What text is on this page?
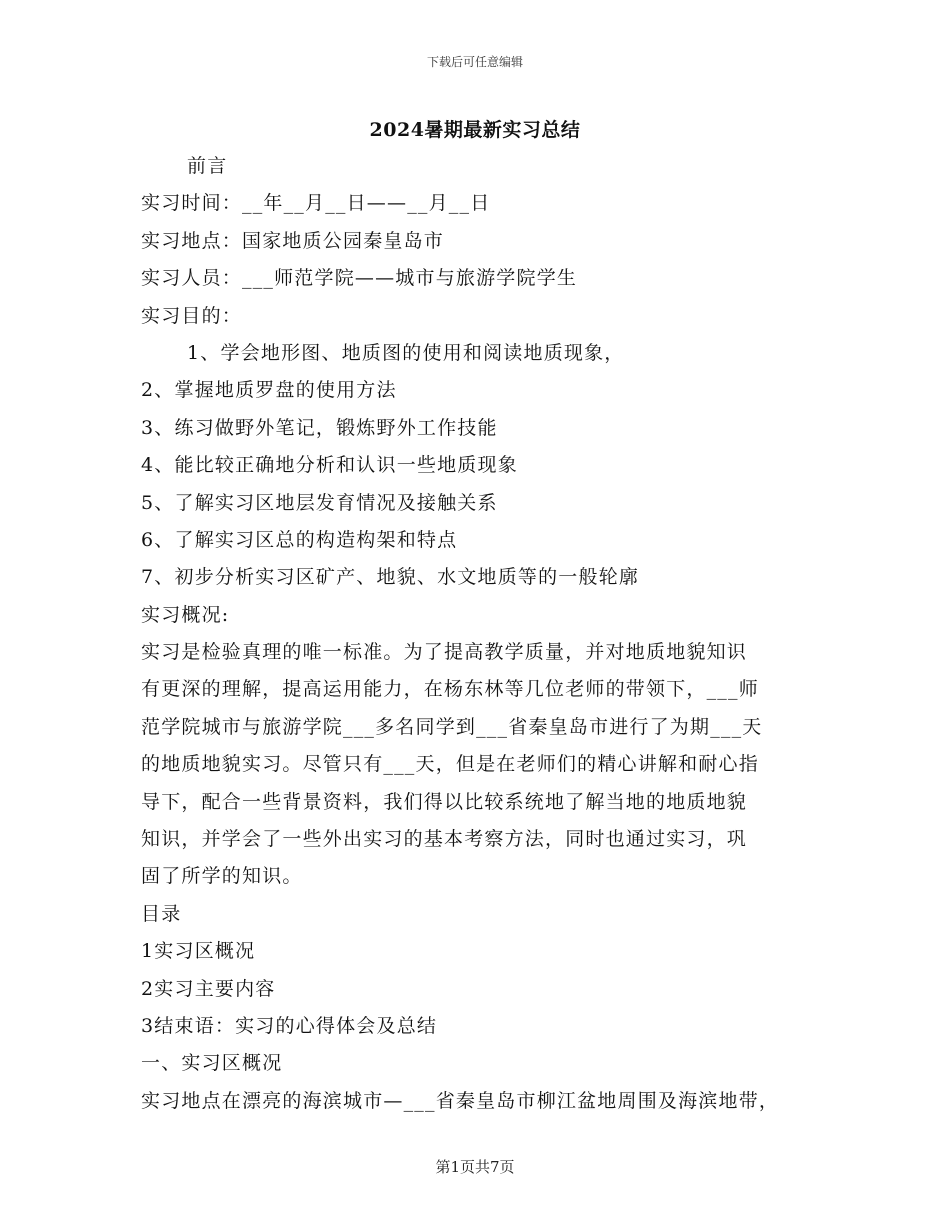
下载后可任意编辑
2024暑期最新实习总结
前言
实习时间：__年__月__日——__月__日
实习地点：国家地质公园秦皇岛市
实习人员：___师范学院——城市与旅游学院学生
实习目的：
1、学会地形图、地质图的使用和阅读地质现象，
2、掌握地质罗盘的使用方法
3、练习做野外笔记，锻炼野外工作技能
4、能比较正确地分析和认识一些地质现象
5、了解实习区地层发育情况及接触关系
6、了解实习区总的构造构架和特点
7、初步分析实习区矿产、地貌、水文地质等的一般轮廓
实习概况:
实习是检验真理的唯一标准。为了提高教学质量，并对地质地貌知识
有更深的理解，提高运用能力，在杨东林等几位老师的带领下，___师
范学院城市与旅游学院___多名同学到___省秦皇岛市进行了为期___天
的地质地貌实习。尽管只有___天，但是在老师们的精心讲解和耐心指
导下，配合一些背景资料，我们得以比较系统地了解当地的地质地貌
知识，并学会了一些外出实习的基本考察方法，同时也通过实习，巩
固了所学的知识。
目录
1实习区概况
2实习主要内容
3结束语：实习的心得体会及总结
一、实习区概况
实习地点在漂亮的海滨城市—___省秦皇岛市柳江盆地周围及海滨地带，
第1页共7页
